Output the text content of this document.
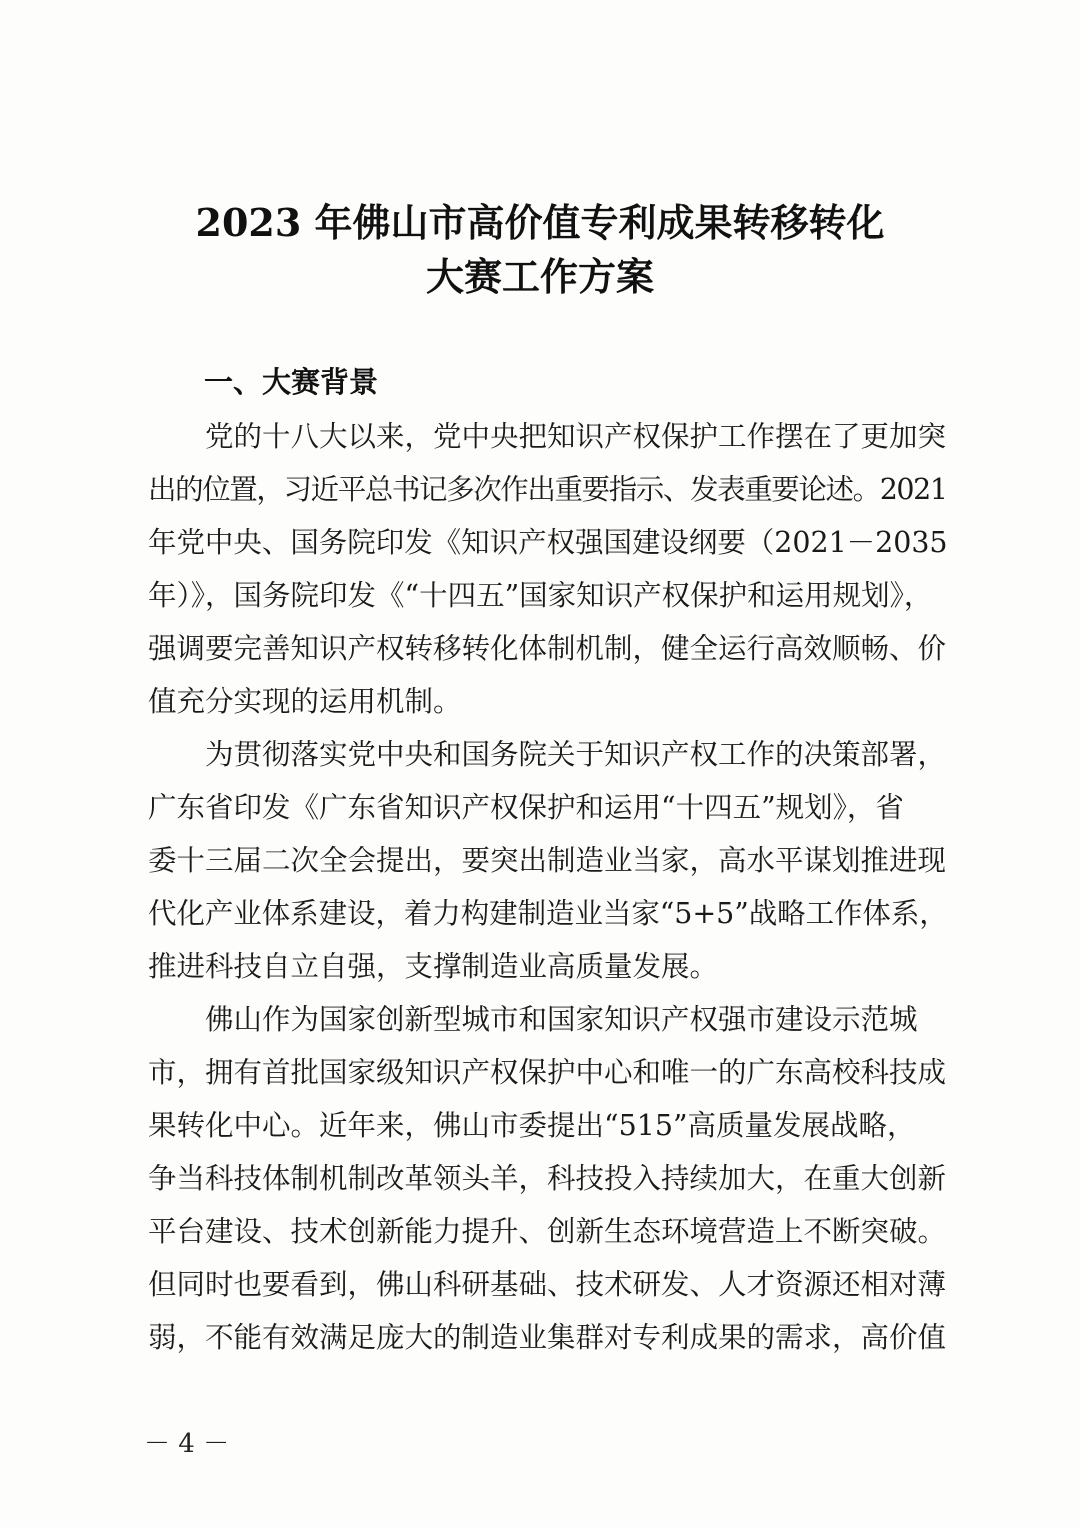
2023 年佛山市高价值专利成果转移转化
大赛工作方案
一、大赛背景
　　党的十八大以来，党中央把知识产权保护工作摆在了更加突
出的位置，习近平总书记多次作出重要指示、发表重要论述。2021
年党中央、国务院印发《知识产权强国建设纲要（2021－2035
年）》，国务院印发《“十四五”国家知识产权保护和运用规划》，
强调要完善知识产权转移转化体制机制，健全运行高效顺畅、价
值充分实现的运用机制。
　　为贯彻落实党中央和国务院关于知识产权工作的决策部署，
广东省印发《广东省知识产权保护和运用“十四五”规划》，省
委十三届二次全会提出，要突出制造业当家，高水平谋划推进现
代化产业体系建设，着力构建制造业当家“5+5”战略工作体系，
推进科技自立自强，支撑制造业高质量发展。
　　佛山作为国家创新型城市和国家知识产权强市建设示范城
市，拥有首批国家级知识产权保护中心和唯一的广东高校科技成
果转化中心。近年来，佛山市委提出“515”高质量发展战略，
争当科技体制机制改革领头羊，科技投入持续加大，在重大创新
平台建设、技术创新能力提升、创新生态环境营造上不断突破。
但同时也要看到，佛山科研基础、技术研发、人才资源还相对薄
弱，不能有效满足庞大的制造业集群对专利成果的需求，高价值
－ 4 －
